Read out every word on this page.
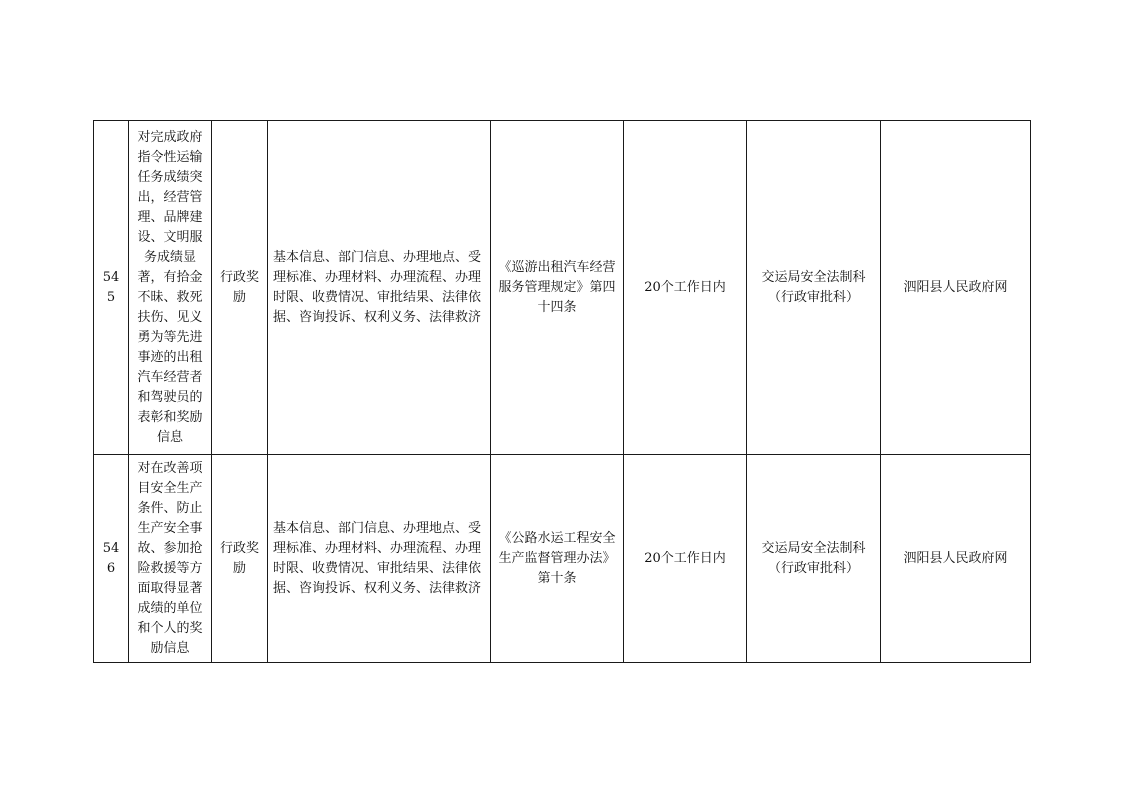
545	对完成政府指令性运输任务成绩突出，经营管理、品牌建设、文明服务成绩显著，有拾金不昧、救死扶伤、见义勇为等先进事迹的出租汽车经营者和驾驶员的表彰和奖励信息	行政奖励	基本信息、部门信息、办理地点、受理标准、办理材料、办理流程、办理时限、收费情况、审批结果、法律依据、咨询投诉、权利义务、法律救济	《巡游出租汽车经营服务管理规定》第四十四条	20个工作日内	交运局安全法制科（行政审批科）	泗阳县人民政府网
546	对在改善项目安全生产条件、防止生产安全事故、参加抢险救援等方面取得显著成绩的单位和个人的奖励信息	行政奖励	基本信息、部门信息、办理地点、受理标准、办理材料、办理流程、办理时限、收费情况、审批结果、法律依据、咨询投诉、权利义务、法律救济	《公路水运工程安全生产监督管理办法》第十条	20个工作日内	交运局安全法制科（行政审批科）	泗阳县人民政府网
